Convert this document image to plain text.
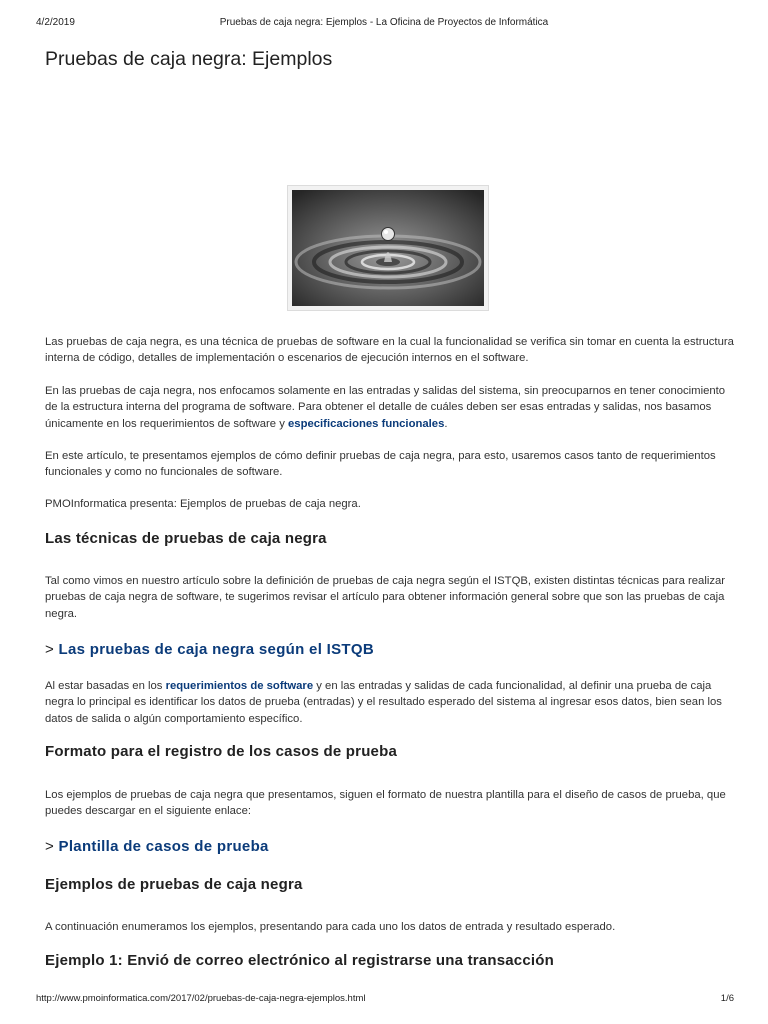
4/2/2019	Pruebas de caja negra: Ejemplos - La Oficina de Proyectos de Informática
Pruebas de caja negra: Ejemplos

Las pruebas de caja negra, es una técnica de pruebas de software en la cual la funcionalidad se verifica sin tomar en cuenta la estructura interna de código, detalles de implementación o escenarios de ejecución internos en el software.

En las pruebas de caja negra, nos enfocamos solamente en las entradas y salidas del sistema, sin preocuparnos en tener conocimiento de la estructura interna del programa de software. Para obtener el detalle de cuáles deben ser esas entradas y salidas, nos basamos únicamente en los requerimientos de software y especificaciones funcionales.

En este artículo, te presentamos ejemplos de cómo definir pruebas de caja negra, para esto, usaremos casos tanto de requerimientos funcionales y como no funcionales de software.

PMOInformatica presenta: Ejemplos de pruebas de caja negra.

Las técnicas de pruebas de caja negra

Tal como vimos en nuestro artículo sobre la definición de pruebas de caja negra según el ISTQB, existen distintas técnicas para realizar pruebas de caja negra de software, te sugerimos revisar el artículo para obtener información general sobre que son las pruebas de caja negra.

> Las pruebas de caja negra según el ISTQB

Al estar basadas en los requerimientos de software y en las entradas y salidas de cada funcionalidad, al definir una prueba de caja negra lo principal es identificar los datos de prueba (entradas) y el resultado esperado del sistema al ingresar esos datos, bien sean los datos de salida o algún comportamiento específico.

Formato para el registro de los casos de prueba

Los ejemplos de pruebas de caja negra que presentamos, siguen el formato de nuestra plantilla para el diseño de casos de prueba, que puedes descargar en el siguiente enlace:

> Plantilla de casos de prueba
Ejemplos de pruebas de caja negra

A continuación enumeramos los ejemplos, presentando para cada uno los datos de entrada y resultado esperado.

Ejemplo 1: Envió de correo electrónico al registrarse una transacción
http://www.pmoinformatica.com/2017/02/pruebas-de-caja-negra-ejemplos.html	1/6
